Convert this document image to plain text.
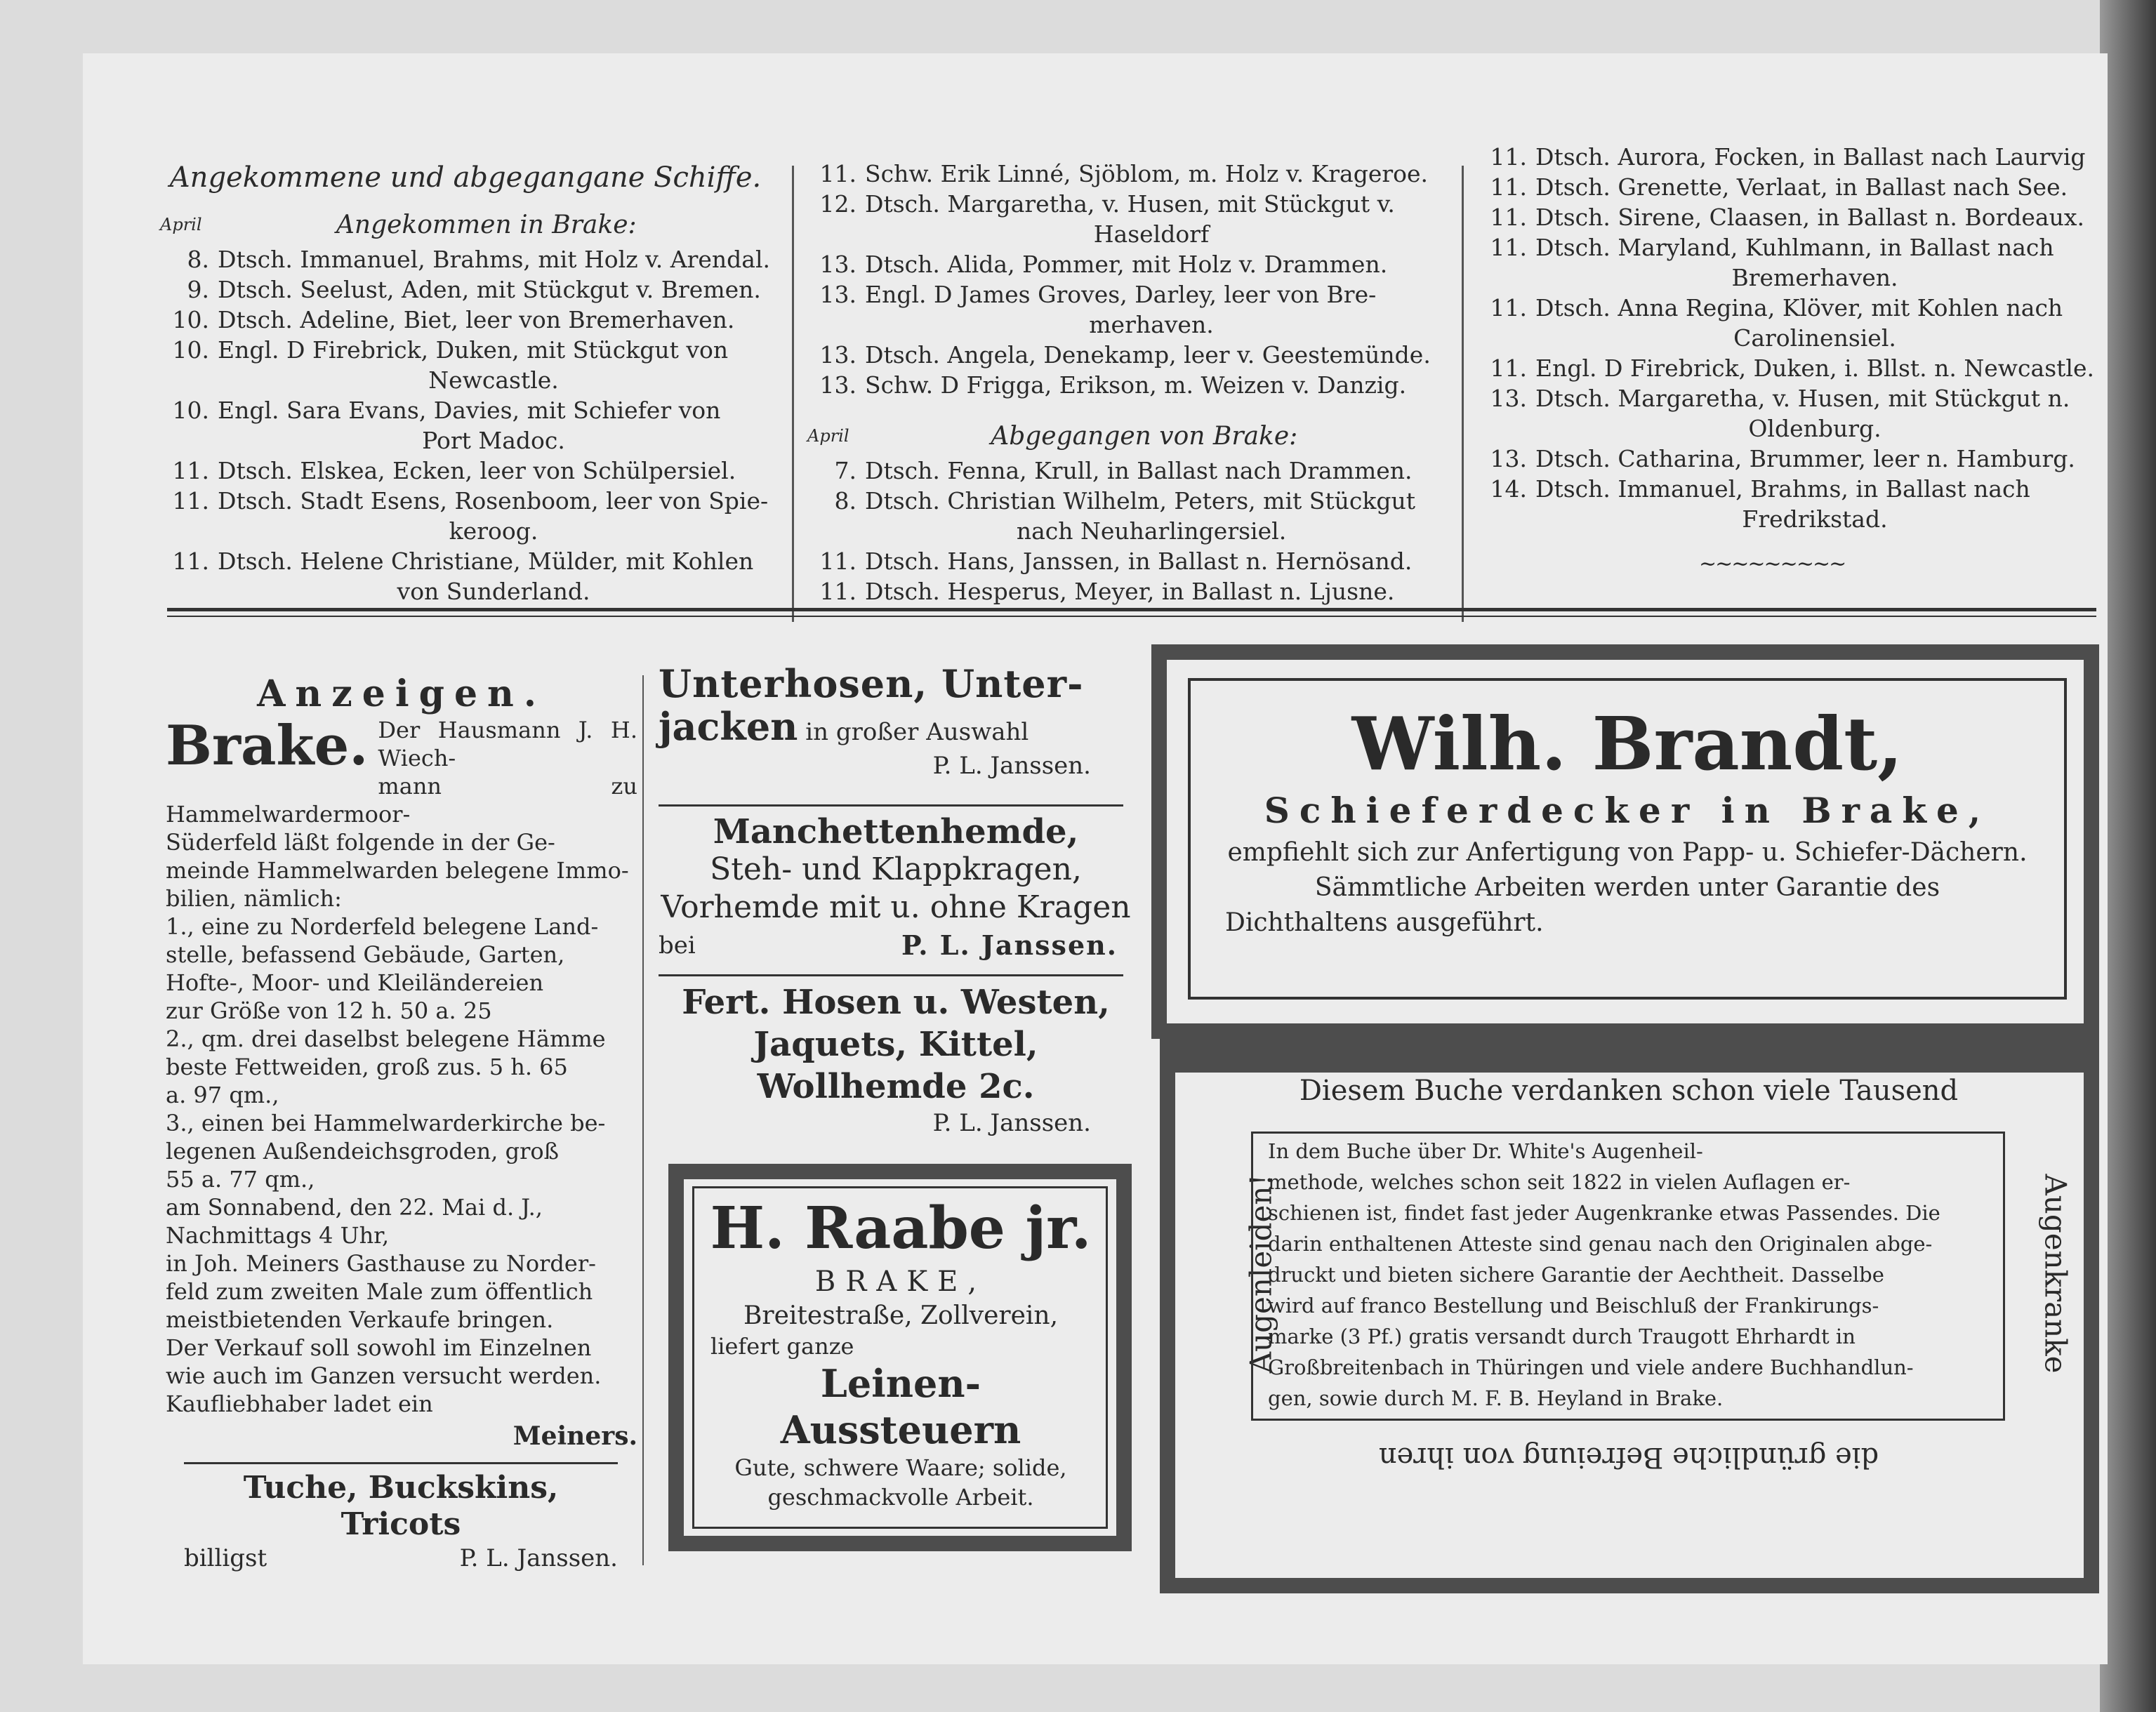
Angekommene und abgegangane Schiffe.

April	Angekommen in Brake:

8. Dtsch. Immanuel, Brahms, mit Holz v. Arendal.
9. Dtsch. Seelust, Aden, mit Stückgut v. Bremen.
10. Dtsch. Adeline, Biet, leer von Bremerhaven.
10. Engl. D Firebrick, Duken, mit Stückgut von

Newcastle.

10. Engl. Sara Evans, Davies, mit Schiefer von

Port Madoc.

11. Dtsch. Elskea, Ecken, leer von Schülpersiel.
11. Dtsch. Stadt Esens, Rosenboom, leer von Spie-

keroog.

11. Dtsch. Helene Christiane, Mülder, mit Kohlen

von Sunderland.

11. Schw. Erik Linné, Sjöblom, m. Holz v. Krageroe.
12. Dtsch. Margaretha, v. Husen, mit Stückgut v.

Haseldorf

13. Dtsch. Alida, Pommer, mit Holz v. Drammen.
13. Engl. D James Groves, Darley, leer von Bre-

merhaven.

13. Dtsch. Angela, Denekamp, leer v. Geestemünde.
13. Schw. D Frigga, Erikson, m. Weizen v. Danzig.

April	Abgegangen von Brake:

7. Dtsch. Fenna, Krull, in Ballast nach Drammen.
8. Dtsch. Christian Wilhelm, Peters, mit Stückgut

nach Neuharlingersiel.

11. Dtsch. Hans, Janssen, in Ballast n. Hernösand.
11. Dtsch. Hesperus, Meyer, in Ballast n. Ljusne.
11. Dtsch. Aurora, Focken, in Ballast nach Laurvig
11. Dtsch. Grenette, Verlaat, in Ballast nach See.
11. Dtsch. Sirene, Claasen, in Ballast n. Bordeaux.
11. Dtsch. Maryland, Kuhlmann, in Ballast nach

Bremerhaven.

11. Dtsch. Anna Regina, Klöver, mit Kohlen nach

Carolinensiel.

11. Engl. D Firebrick, Duken, i. Bllst. n. Newcastle.
13. Dtsch. Margaretha, v. Husen, mit Stückgut n.

Oldenburg.

13. Dtsch. Catharina, Brummer, leer n. Hamburg.
14. Dtsch. Immanuel, Brahms, in Ballast nach

Fredrikstad.

∼∼∼∼∼∼∼∼∼
Anzeigen.
Brake. Der Hausmann J. H. Wiech-
mann zu Hammelwardermoor-
Süderfeld läßt folgende in der Ge-
meinde Hammelwarden belegene Immo-
bilien, nämlich:
1., eine zu Norderfeld belegene Land-
stelle, befassend Gebäude, Garten,
Hofte-, Moor- und Kleiländereien
zur Größe von 12 h. 50 a. 25
2., qm. drei daselbst belegene Hämme
beste Fettweiden, groß zus. 5 h. 65
a. 97 qm.,
3., einen bei Hammelwarderkirche be-
legenen Außendeichsgroden, groß
55 a. 77 qm.,
am Sonnabend, den 22. Mai d. J.,
Nachmittags 4 Uhr,
in Joh. Meiners Gasthause zu Norder-
feld zum zweiten Male zum öffentlich
meistbietenden Verkaufe bringen.
Der Verkauf soll sowohl im Einzelnen
wie auch im Ganzen versucht werden.
Kaufliebhaber ladet ein
Meiners.
Tuche, Buckskins, Tricots
billigst	P. L. Janssen.
Unterhosen, Unter-
jacken in großer Auswahl
P. L. Janssen.
Manchettenhemde,
Steh- und Klappkragen,
Vorhemde mit u. ohne Kragen
bei	P. L. Janssen.
Fert. Hosen u. Westen,
Jaquets, Kittel,
Wollhemde 2c.
P. L. Janssen.
H. Raabe jr.
BRAKE,
Breitestraße, Zollverein,
liefert ganze
Leinen-Aussteuern
Gute, schwere Waare; solide,
geschmackvolle Arbeit.
Wilh. Brandt,
Schieferdecker in Brake,
empfiehlt sich zur Anfertigung von Papp- u. Schiefer-Dächern.
Sämmtliche Arbeiten werden unter Garantie des
Dichthaltens ausgeführt.
Diesem Buche verdanken schon viele Tausend
die gründliche Befreiung von ihren
Augenleiden!	Augenkranke
In dem Buche über Dr. White's Augenheil-
methode, welches schon seit 1822 in vielen Auflagen er-
schienen ist, findet fast jeder Augenkranke etwas Passendes. Die
darin enthaltenen Atteste sind genau nach den Originalen abge-
druckt und bieten sichere Garantie der Aechtheit. Dasselbe
wird auf franco Bestellung und Beischluß der Frankirungs-
marke (3 Pf.) gratis versandt durch Traugott Ehrhardt in
Großbreitenbach in Thüringen und viele andere Buchhandlun-
gen, sowie durch M. F. B. Heyland in Brake.
